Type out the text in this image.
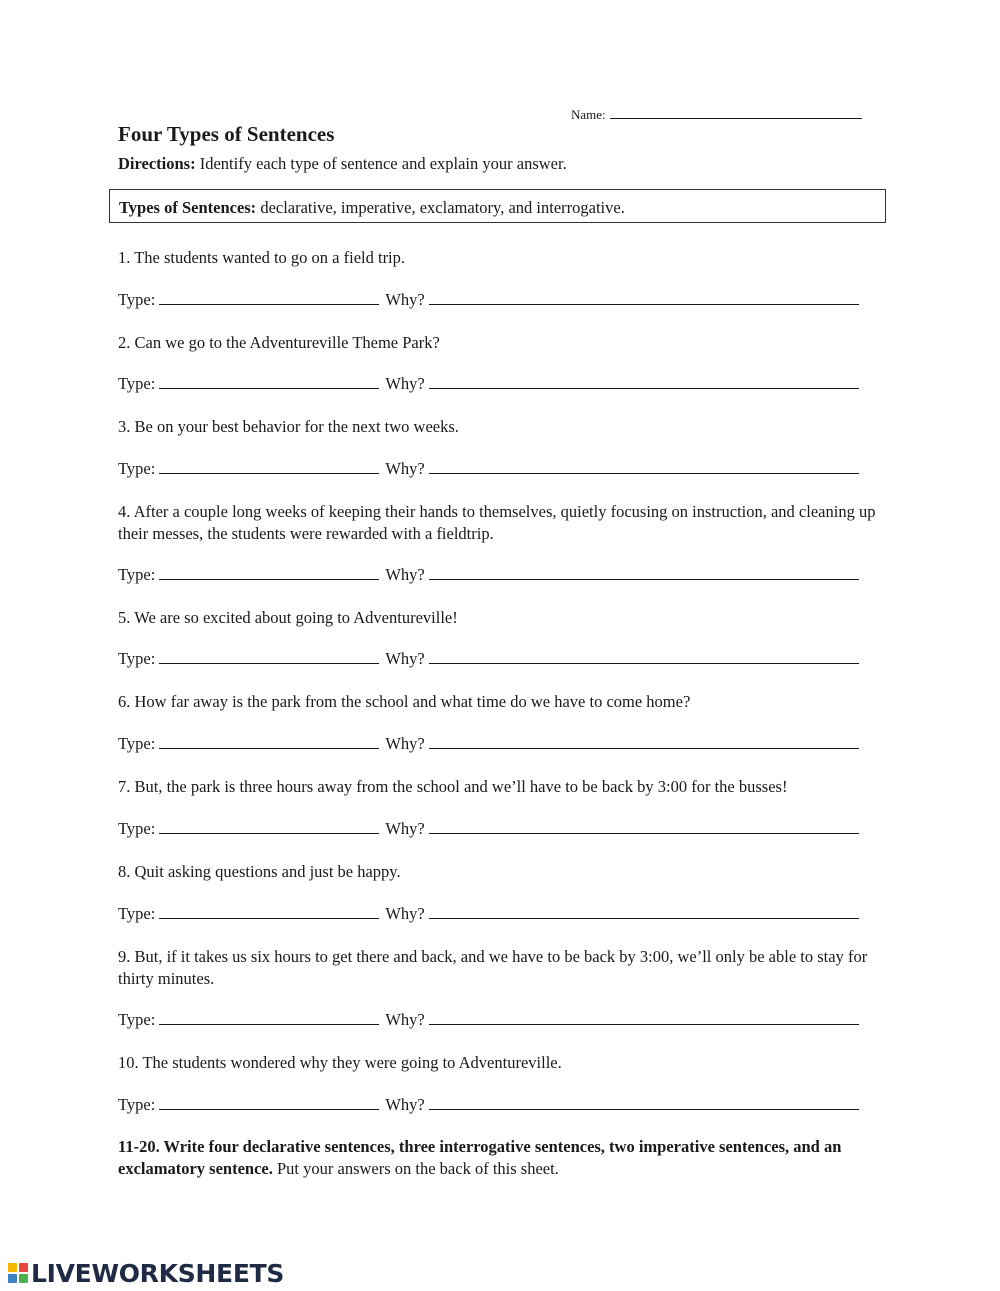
Name:
Four Types of Sentences
Directions: Identify each type of sentence and explain your answer.
Types of Sentences: declarative, imperative, exclamatory, and interrogative.
1. The students wanted to go on a field trip.
Type:	Why?
2. Can we go to the Adventureville Theme Park?
Type:	Why?
3. Be on your best behavior for the next two weeks.
Type:	Why?
4. After a couple long weeks of keeping their hands to themselves, quietly focusing on instruction, and cleaning up their messes, the students were rewarded with a fieldtrip.
Type:	Why?
5. We are so excited about going to Adventureville!
Type:	Why?
6. How far away is the park from the school and what time do we have to come home?
Type:	Why?
7. But, the park is three hours away from the school and we’ll have to be back by 3:00 for the busses!
Type:	Why?
8. Quit asking questions and just be happy.
Type:	Why?
9. But, if it takes us six hours to get there and back, and we have to be back by 3:00, we’ll only be able to stay for thirty minutes.
Type:	Why?
10. The students wondered why they were going to Adventureville.
Type:	Why?
11-20. Write four declarative sentences, three interrogative sentences, two imperative sentences, and an exclamatory sentence. Put your answers on the back of this sheet.
LIVEWORKSHEETS
